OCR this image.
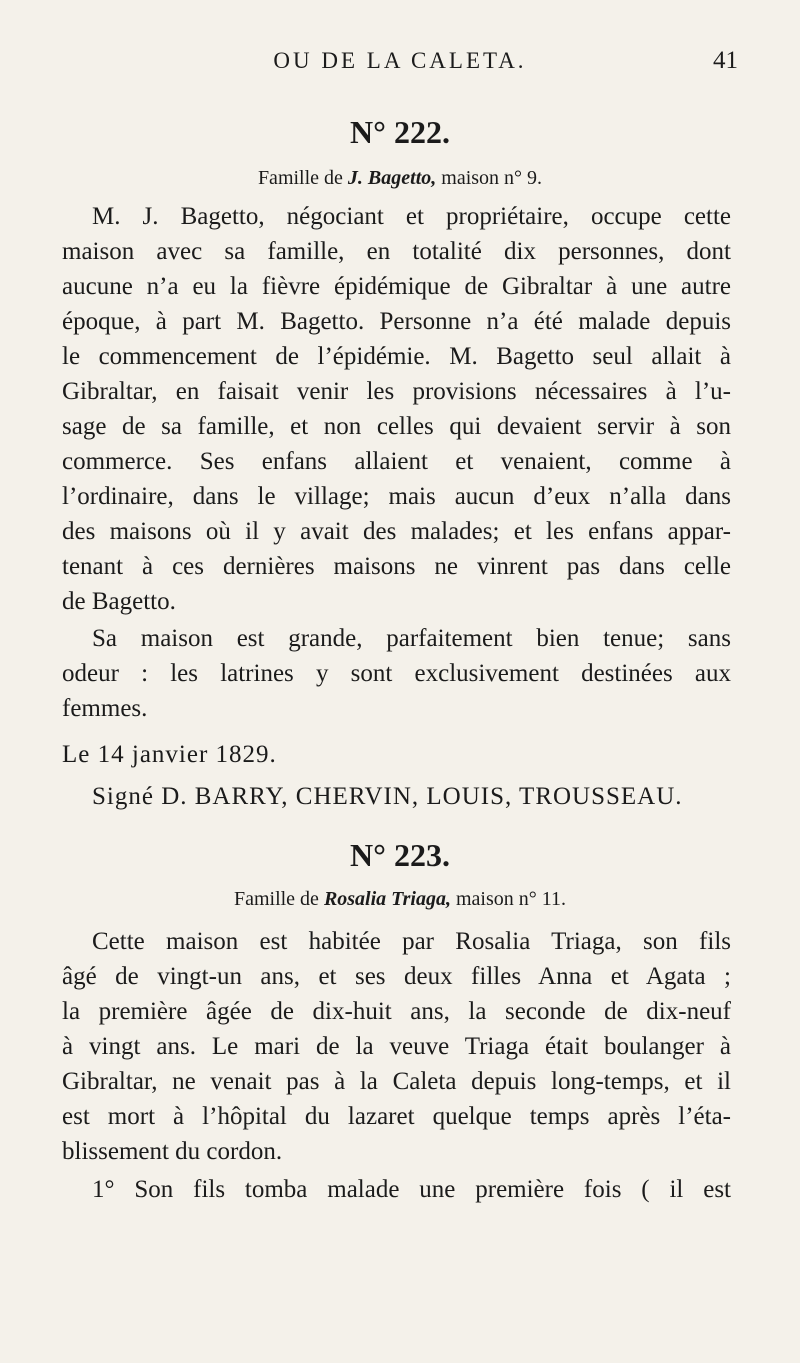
OU DE LA CALETA.	41
N° 222.
Famille de J. Bagetto, maison n° 9.
M. J. Bagetto, négociant et propriétaire, occupe cette
maison avec sa famille, en totalité dix personnes, dont
aucune n’a eu la fièvre épidémique de Gibraltar à une autre
époque, à part M. Bagetto. Personne n’a été malade depuis
le commencement de l’épidémie. M. Bagetto seul allait à
Gibraltar, en faisait venir les provisions nécessaires à l’u-
sage de sa famille, et non celles qui devaient servir à son
commerce. Ses enfans allaient et venaient, comme à
l’ordinaire, dans le village; mais aucun d’eux n’alla dans
des maisons où il y avait des malades; et les enfans appar-
tenant à ces dernières maisons ne vinrent pas dans celle
de Bagetto.
Sa maison est grande, parfaitement bien tenue; sans
odeur : les latrines y sont exclusivement destinées aux
femmes.
Le 14 janvier 1829.
Signé D. BARRY, CHERVIN, LOUIS, TROUSSEAU.
N° 223.
Famille de Rosalia Triaga, maison n° 11.
Cette maison est habitée par Rosalia Triaga, son fils
âgé de vingt-un ans, et ses deux filles Anna et Agata ;
la première âgée de dix-huit ans, la seconde de dix-neuf
à vingt ans. Le mari de la veuve Triaga était boulanger à
Gibraltar, ne venait pas à la Caleta depuis long-temps, et il
est mort à l’hôpital du lazaret quelque temps après l’éta-
blissement du cordon.
1° Son fils tomba malade une première fois ( il est
